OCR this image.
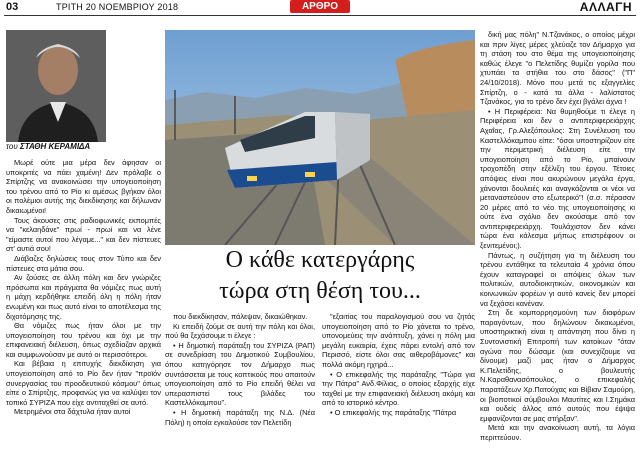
03	ΤΡΙΤΗ 20 ΝΟΕΜΒΡΙΟΥ 2018	ΑΡΘΡΟ	ΑΛΛΑΓΗ
του ΣΤΑΘΗ ΚΕΡΑΜΙΔΑ
Ο κάθε κατεργάρης
τώρα στη θέση του...

Μωρέ ούτε μια μέρα δεν άφησαν οι υποκριτές να πάει χαμένη! Δεν πρόλαβε ο Σπίρτζης να ανακοινώσει την υπογειοποίηση του τρένου από το Ρίο κι αμέσως βγήκαν όλοι οι πολέμιοι αυτής της διεκδίκησης και δήλωναν δικαιωμένοι!

Τους άκουσες στις ραδιοφωνικές εκπομπές να "κελαηδάνε" πρωί - πρωί και να λένε "είμαστε αυτοί που λέγαμε..." και δεν πίστευες στ' αυτιά σου!

Διάβαζες δηλώσεις τους στον Τύπο και δεν πίστευες στα μάτια σου.

Αν ζούσες σε άλλη πόλη και δεν γνώριζες πρόσωπα και πράγματα θα νόμιζες πως αυτή η μάχη κερδήθηκε επειδή όλη η πόλη ήταν ενωμένη και πως αυτό είναι το αποτέλεσμα της διχοτόμησης της.

Θα νόμιζες πως ήταν όλοι με την υπογειοποίηση του τρένου και όχι με την επιφανειακή διέλευση, όπως σχεδίαζαν αρχικά και συμφωνούσαν με αυτό οι περισσότεροι.

Και βέβαια η επιτυχής διεκδίκηση για υπογειοποίηση από το Ρίο δεν ήταν "προϊόν συνεργασίας του προοδευτικού κόσμου" όπως είπε ο Σπίρτζης, προφανώς για να καλύψει τον τοπικό ΣΥΡΙΖΑ που είχε αντιταχθεί σε αυτό.

Μετρημένοι στα δάχτυλα ήταν αυτοί

που διεκδίκησαν, πάλεψαν, δικαιώθηκαν.

Κι επειδή ζούμε σε αυτή την πόλη και όλοι, πού θα ξεχάσουμε τι έλεγε :

• Η δημοτική παράταξη του ΣΥΡΙΖΑ (ΡΑΠ) σε συνεδρίαση του Δημοτικού Συμβουλίου, όπου κατηγόρησε τον Δήμαρχο πως συντάσσεται με τους κοπτικούς που απαιτούν υπογειοποίηση από το Ρίο επειδή θέλει να υπερασπιστεί τους βιλάδες του Καστελλόκαμπου".

• Η δημοτική παράταξη της Ν.Δ. (Νέα Πόλη) η οποία εγκαλούσε τον Πελετίδη

"εξαιτίας του παραλογισμού σου να ζητάς υπογειοποίηση από το Ρίο χάνεται το τρένο, υπονομεύεις την ανάπτυξη, χάνει η πόλη μια μεγάλη ευκαιρία, έχεις πάρει εντολή από τον Περισσό, είστε όλοι σας αιθεροβάμονες" και πολλά ακόμη ηχηρά...

• Ο επικεφαλής της παράταξης "Τώρα για την Πάτρα" Ανδ.Φίλιας, ο οποίος εξαρχής είχε ταχθεί με την επιφανειακή διέλευση ακόμη και από το ιστορικό κέντρο.

• Ο επικεφαλής της παράταξης "Πάτρα

δική μας πόλη" Ν.Τζανάκος, ο οποίος μέχρι και πριν λίγες μέρες χλεύαζε τον Δήμαρχο για τη στάση του στο θέμα της υπογειοποίησης καθώς έλεγε "ο Πελετίδης θυμίζει γορίλα που χτυπάει τα στήθια του στο δάσος" ("Π" 24/10/2018). Μόνο που μετά τις εξαγγελίες Σπίρτζη, ο - κατά τα άλλα - λαλίστατος Τζανάκος, για το τρένο δεν έχει βγάλει άχνα !

• Η Περιφέρεια: Να θυμηθούμε τι έλεγε η Περιφέρεια και δεν ο αντιπεριφερειάρχης Αχαΐας, Γρ.Αλεξόπουλος: Στη Συνέλευση του Καστελλόκαμπου είπε: "όσοι υποστηρίζουν είτε την περιμετρική διέλευση είτε την υπογειοποίηση από το Ρίο, μπαίνουν τροχοπέδη στην εξέλιξη του έργου. Τέτοιες απόψεις είναι που ακυρώνουν μεγάλα έργα, χάνονται δουλειές και αναγκάζονται οι νέοι να μεταναστεύουν στο εξωτερικό"! (σ.σ. πέρασαν 20 μέρες από το νέο της υπογειοποίησης κι ούτε ένα σχόλιο δεν ακούσαμε από τον αντιπεριφερειάρχη. Τουλάχιστον δεν κάνει τώρα ένα κάλεσμα μήπως επιστρέφουν οι ξενιτεμένοι;).

Πάντως, η συζήτηση για τη διέλευση του τρένου εντάθηκε τα τελευταία 4 χρόνια όπου έχουν καταγραφεί οι απόψεις όλων των πολιτικών, αυτοδιοικητικών, οικονομικών και κοινωνικών φορέων γι αυτό κανείς δεν μπορεί να ξεχάσει κανέναν.

Στη δε κομπορρησμούνη των διαφόρων παραγόντων, που δηλώνουν δικαιωμένοι, υποστηρικτική είναι η απάντηση που δίνει η Συντονιστική Επιτροπή των κατοίκων "όταν αγώνα που δώσαμε (και συνεχίζουμε να δίνουμε) μαζί μας ήταν ο Δήμαρχος Κ.Πελετίδης, ο βουλευτής Ν.Καραθανασόπουλος, ο επικεφαλής παρατάξεων Χρ.Πατούχας και Βίβιαν Σαμούρη, οι βιοποτικοί σύμβουλοι Μαυτίτες και Ι.Σημάκα και ουδείς άλλος από αυτούς που έψιψα εμφανίζονται σε μας στήρξαν".

Μετά και την ανακοίνωση αυτή, τα λόγια περιττεύουν.
